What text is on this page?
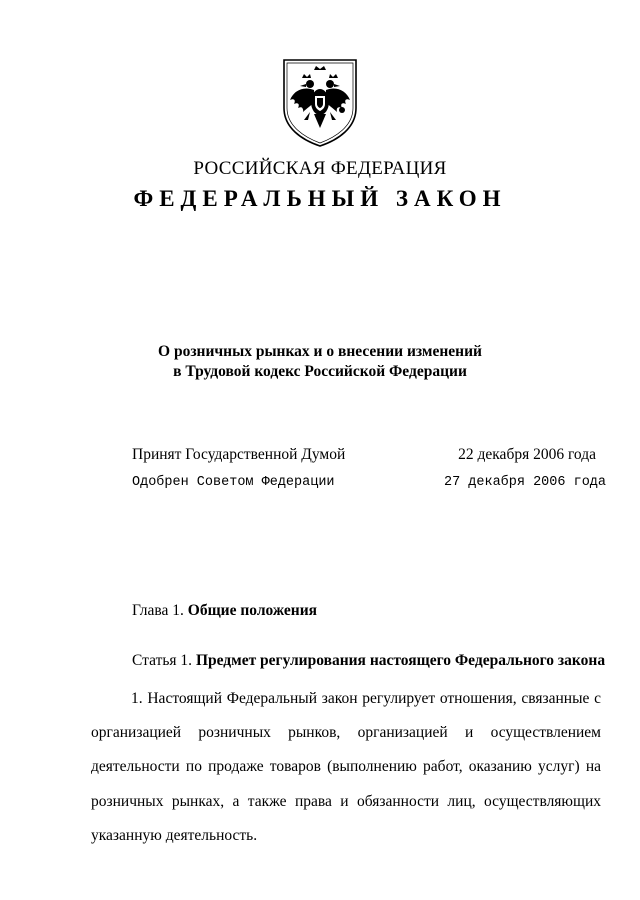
РОССИЙСКАЯ ФЕДЕРАЦИЯ
ФЕДЕРАЛЬНЫЙ ЗАКОН
О розничных рынках и о внесении изменений
в Трудовой кодекс Российской Федерации
Принят Государственной Думой	22 декабря 2006 года
Одобрен Советом Федерации	27 декабря 2006 года
Глава 1. Общие положения
Статья 1. Предмет регулирования настоящего Федерального закона
1. Настоящий Федеральный закон регулирует отношения, связанные с
организацией розничных рынков, организацией и осуществлением
деятельности по продаже товаров (выполнению работ, оказанию услуг) на
розничных рынках, а также права и обязанности лиц, осуществляющих
указанную деятельность.
